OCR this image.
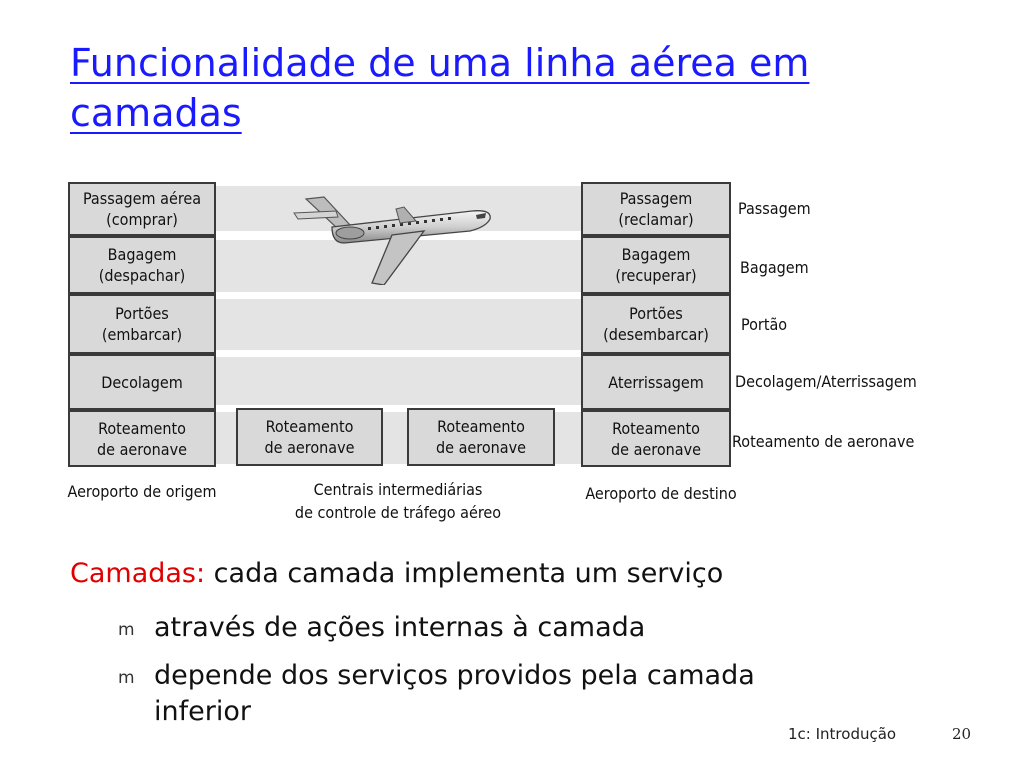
Funcionalidade de uma linha aérea em camadas
Passagem aérea
(comprar)
Bagagem
(despachar)
Portões
(embarcar)
Decolagem
Roteamento
de aeronave
Roteamento
de aeronave
Roteamento
de aeronave
Passagem
(reclamar)
Bagagem
(recuperar)
Portões
(desembarcar)
Aterrissagem
Roteamento
de aeronave
Passagem
Bagagem
Portão
Decolagem/Aterrissagem
Roteamento de aeronave
Aeroporto de origem	Centrais intermediárias
de controle de tráfego aéreo
Aeroporto de destino
Camadas: cada camada implementa um serviço
m através de ações internas à camada
m depende dos serviços providos pela camada inferior
1c: Introdução	20
